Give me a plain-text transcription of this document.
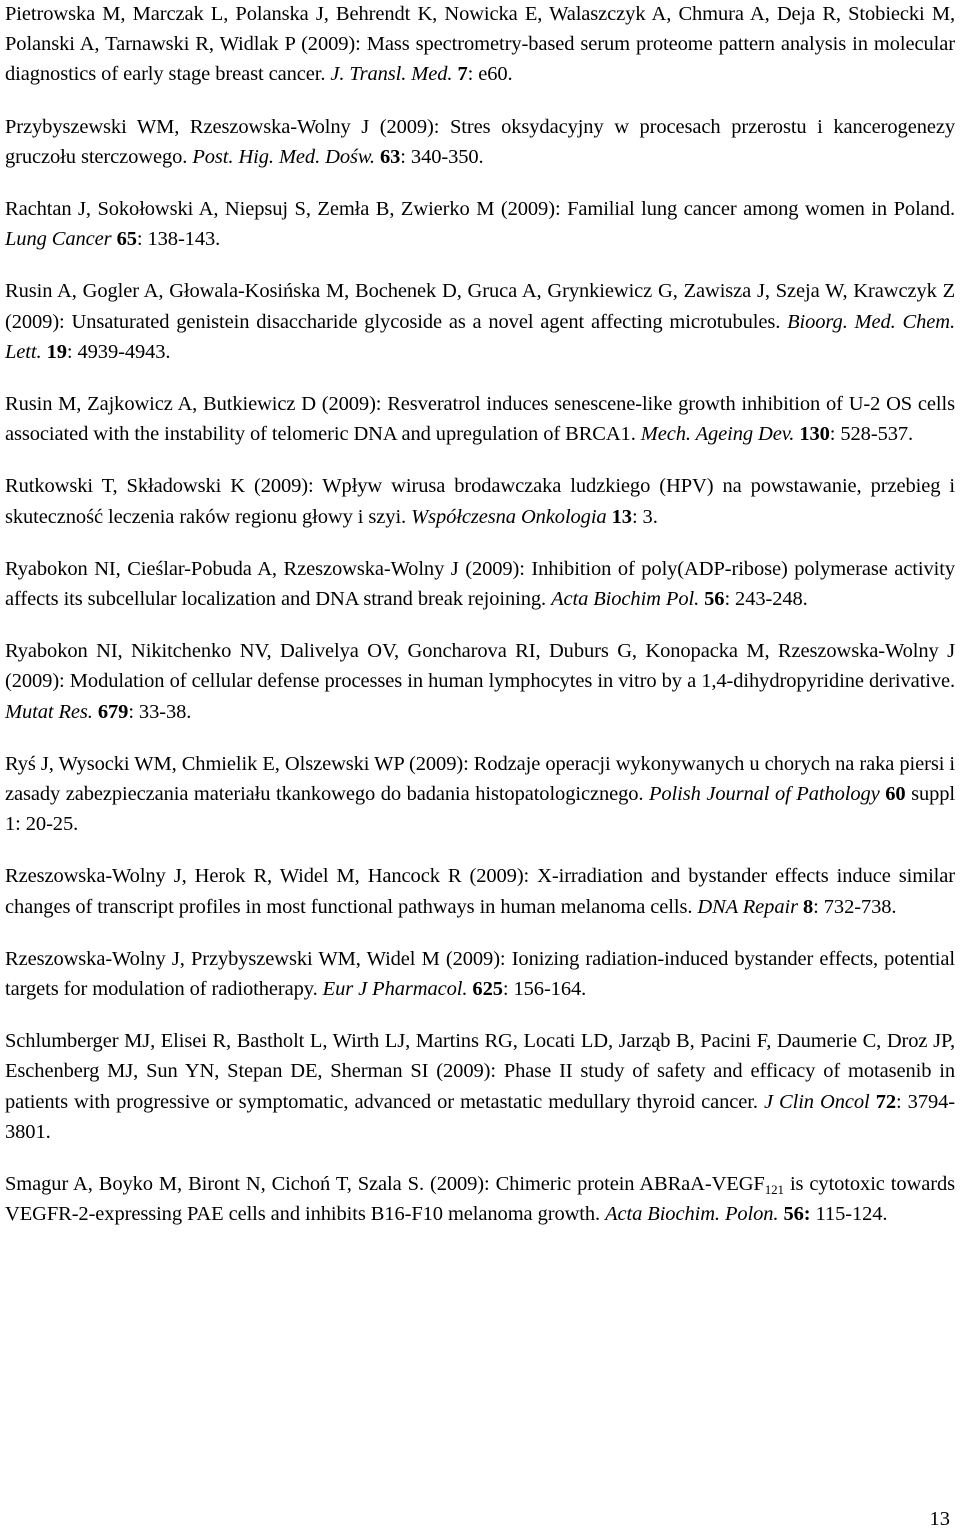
Pietrowska M, Marczak L, Polanska J, Behrendt K, Nowicka E, Walaszczyk A, Chmura A, Deja R, Stobiecki M, Polanski A, Tarnawski R, Widlak P (2009): Mass spectrometry-based serum proteome pattern analysis in molecular diagnostics of early stage breast cancer. J. Transl. Med. 7: e60.

Przybyszewski WM, Rzeszowska-Wolny J (2009): Stres oksydacyjny w procesach przerostu i kancerogenezy gruczołu sterczowego. Post. Hig. Med. Dośw. 63: 340-350.

Rachtan J, Sokołowski A, Niepsuj S, Zemła B, Zwierko M (2009): Familial lung cancer among women in Poland. Lung Cancer 65: 138-143.

Rusin A, Gogler A, Głowala-Kosińska M, Bochenek D, Gruca A, Grynkiewicz G, Zawisza J, Szeja W, Krawczyk Z (2009): Unsaturated genistein disaccharide glycoside as a novel agent affecting microtubules. Bioorg. Med. Chem. Lett. 19: 4939-4943.

Rusin M, Zajkowicz A, Butkiewicz D (2009): Resveratrol induces senescene-like growth inhibition of U-2 OS cells associated with the instability of telomeric DNA and upregulation of BRCA1. Mech. Ageing Dev. 130: 528-537.

Rutkowski T, Składowski K (2009): Wpływ wirusa brodawczaka ludzkiego (HPV) na powstawanie, przebieg i skuteczność leczenia raków regionu głowy i szyi. Współczesna Onkologia 13: 3.

Ryabokon NI, Cieślar-Pobuda A, Rzeszowska-Wolny J (2009): Inhibition of poly(ADP-ribose) polymerase activity affects its subcellular localization and DNA strand break rejoining. Acta Biochim Pol. 56: 243-248.

Ryabokon NI, Nikitchenko NV, Dalivelya OV, Goncharova RI, Duburs G, Konopacka M, Rzeszowska-Wolny J (2009): Modulation of cellular defense processes in human lymphocytes in vitro by a 1,4-dihydropyridine derivative. Mutat Res. 679: 33-38.

Ryś J, Wysocki WM, Chmielik E, Olszewski WP (2009): Rodzaje operacji wykonywanych u chorych na raka piersi i zasady zabezpieczania materiału tkankowego do badania histopatologicznego. Polish Journal of Pathology 60 suppl 1: 20-25.

Rzeszowska-Wolny J, Herok R, Widel M, Hancock R (2009): X-irradiation and bystander effects induce similar changes of transcript profiles in most functional pathways in human melanoma cells. DNA Repair 8: 732-738.

Rzeszowska-Wolny J, Przybyszewski WM, Widel M (2009): Ionizing radiation-induced bystander effects, potential targets for modulation of radiotherapy. Eur J Pharmacol. 625: 156-164.

Schlumberger MJ, Elisei R, Bastholt L, Wirth LJ, Martins RG, Locati LD, Jarząb B, Pacini F, Daumerie C, Droz JP, Eschenberg MJ, Sun YN, Stepan DE, Sherman SI (2009): Phase II study of safety and efficacy of motasenib in patients with progressive or symptomatic, advanced or metastatic medullary thyroid cancer. J Clin Oncol 72: 3794-3801.

Smagur A, Boyko M, Biront N, Cichoń T, Szala S. (2009): Chimeric protein ABRaA-$VEGF_{121}$ is cytotoxic towards VEGFR-2-expressing PAE cells and inhibits B16-F10 melanoma growth. Acta Biochim. Polon. 56: 115-124.

13
